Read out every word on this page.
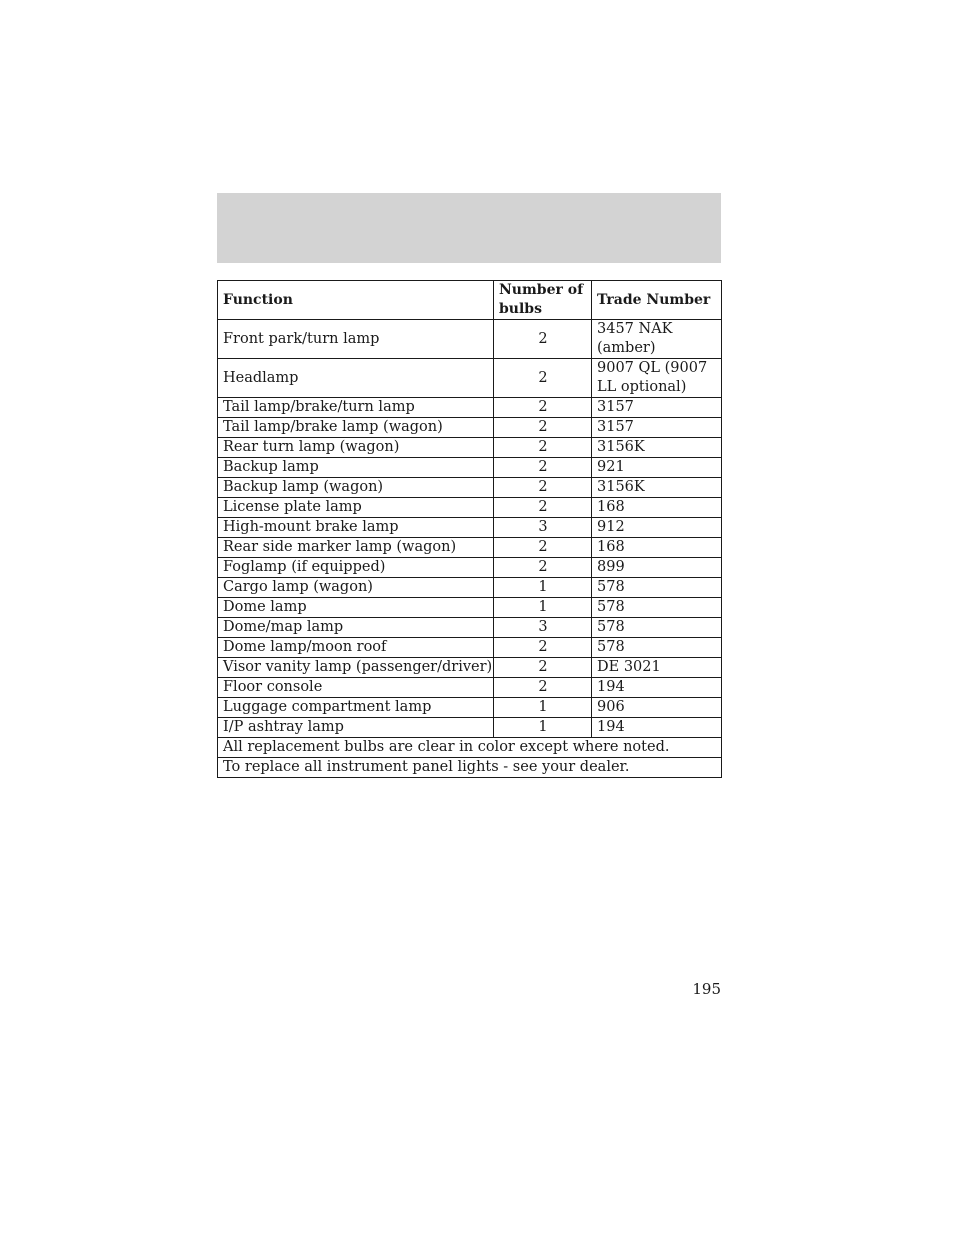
Function	Number of bulbs	Trade Number
Front park/turn lamp	2	3457 NAK (amber)
Headlamp	2	9007 QL (9007 LL optional)
Tail lamp/brake/turn lamp	2	3157
Tail lamp/brake lamp (wagon)	2	3157
Rear turn lamp (wagon)	2	3156K
Backup lamp	2	921
Backup lamp (wagon)	2	3156K
License plate lamp	2	168
High-mount brake lamp	3	912
Rear side marker lamp (wagon)	2	168
Foglamp (if equipped)	2	899
Cargo lamp (wagon)	1	578
Dome lamp	1	578
Dome/map lamp	3	578
Dome lamp/moon roof	2	578
Visor vanity lamp (passenger/driver)	2	DE 3021
Floor console	2	194
Luggage compartment lamp	1	906
I/P ashtray lamp	1	194
All replacement bulbs are clear in color except where noted.		
To replace all instrument panel lights - see your dealer.		
195
